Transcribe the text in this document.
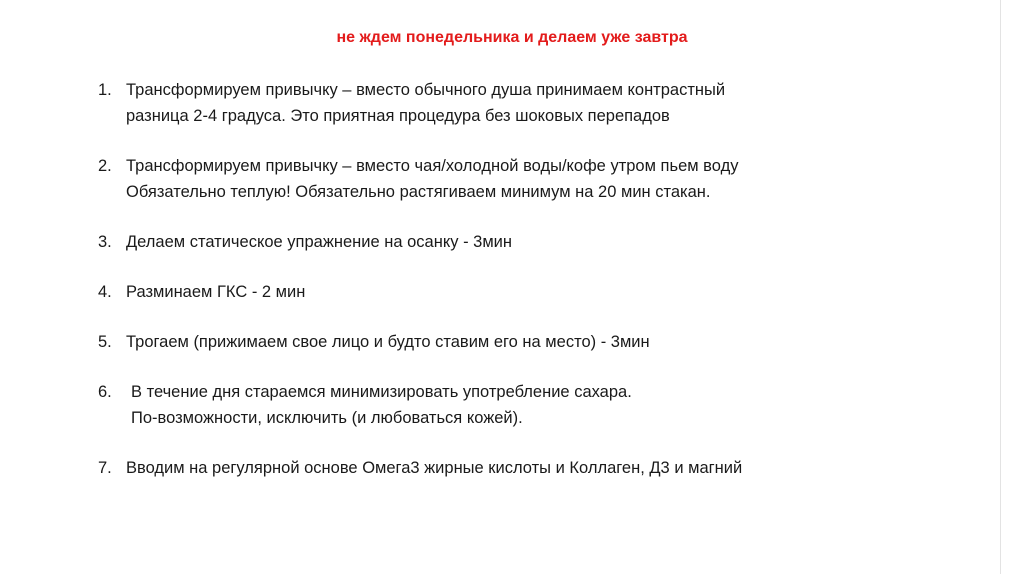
не ждем понедельника и делаем уже завтра
1. Трансформируем привычку – вместо обычного душа принимаем контрастный
разница 2-4 градуса. Это приятная процедура без шоковых перепадов
2. Трансформируем привычку – вместо чая/холодной воды/кофе утром пьем воду
Обязательно теплую! Обязательно растягиваем минимум на 20 мин стакан.
3. Делаем статическое упражнение на осанку - 3мин
4. Разминаем ГКС - 2 мин
5. Трогаем (прижимаем свое лицо и будто ставим его на место) - 3мин
6.	В течение дня стараемся минимизировать употребление сахара.
По-возможности, исключить (и любоваться кожей).
7. Вводим на регулярной основе Омега3 жирные кислоты и Коллаген, Д3 и магний
